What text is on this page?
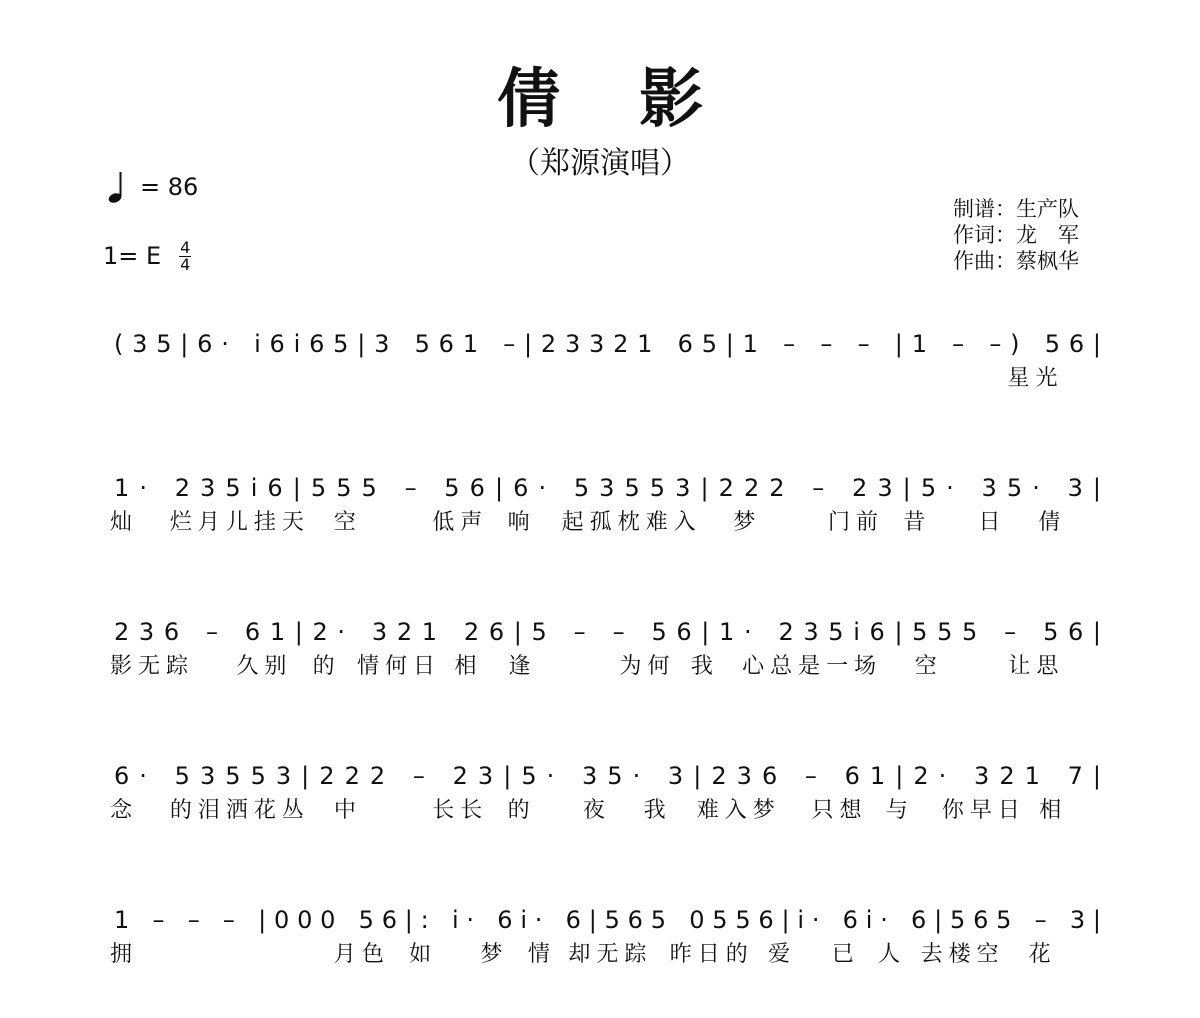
倩 影
（郑源演唱）
= 86
1= E $\frac{4}{4}$
制谱：生产队
作词：龙　军
作曲：蔡枫华
(35|6· i6i65|3 561 –|23321 65|1 – – – |1 – –) 56|
星光
1· 235i6|555 – 56|6· 53553|222 – 23|5· 35· 3|
灿 烂月儿挂天 空	低声 响 起孤枕难入 梦	门前 昔 日 倩
236 – 61|2· 321 26|5 – – 56|1· 235i6|555 – 56|
影无踪 久别 的 情何日 相 逢	为何 我 心总是一场 空	让思
6· 53553|222 – 23|5· 35· 3|236 – 61|2· 321 7|
念 的泪洒花丛 中	长长 的 夜 我 难入梦 只想 与 你早日 相
1 – – – |000 56|: i· 6i· 6|565 0556|i· 6i· 6|565 – 3|
拥	月色 如 梦 情 却无踪 昨日的 爱 已 人 去楼空 花
